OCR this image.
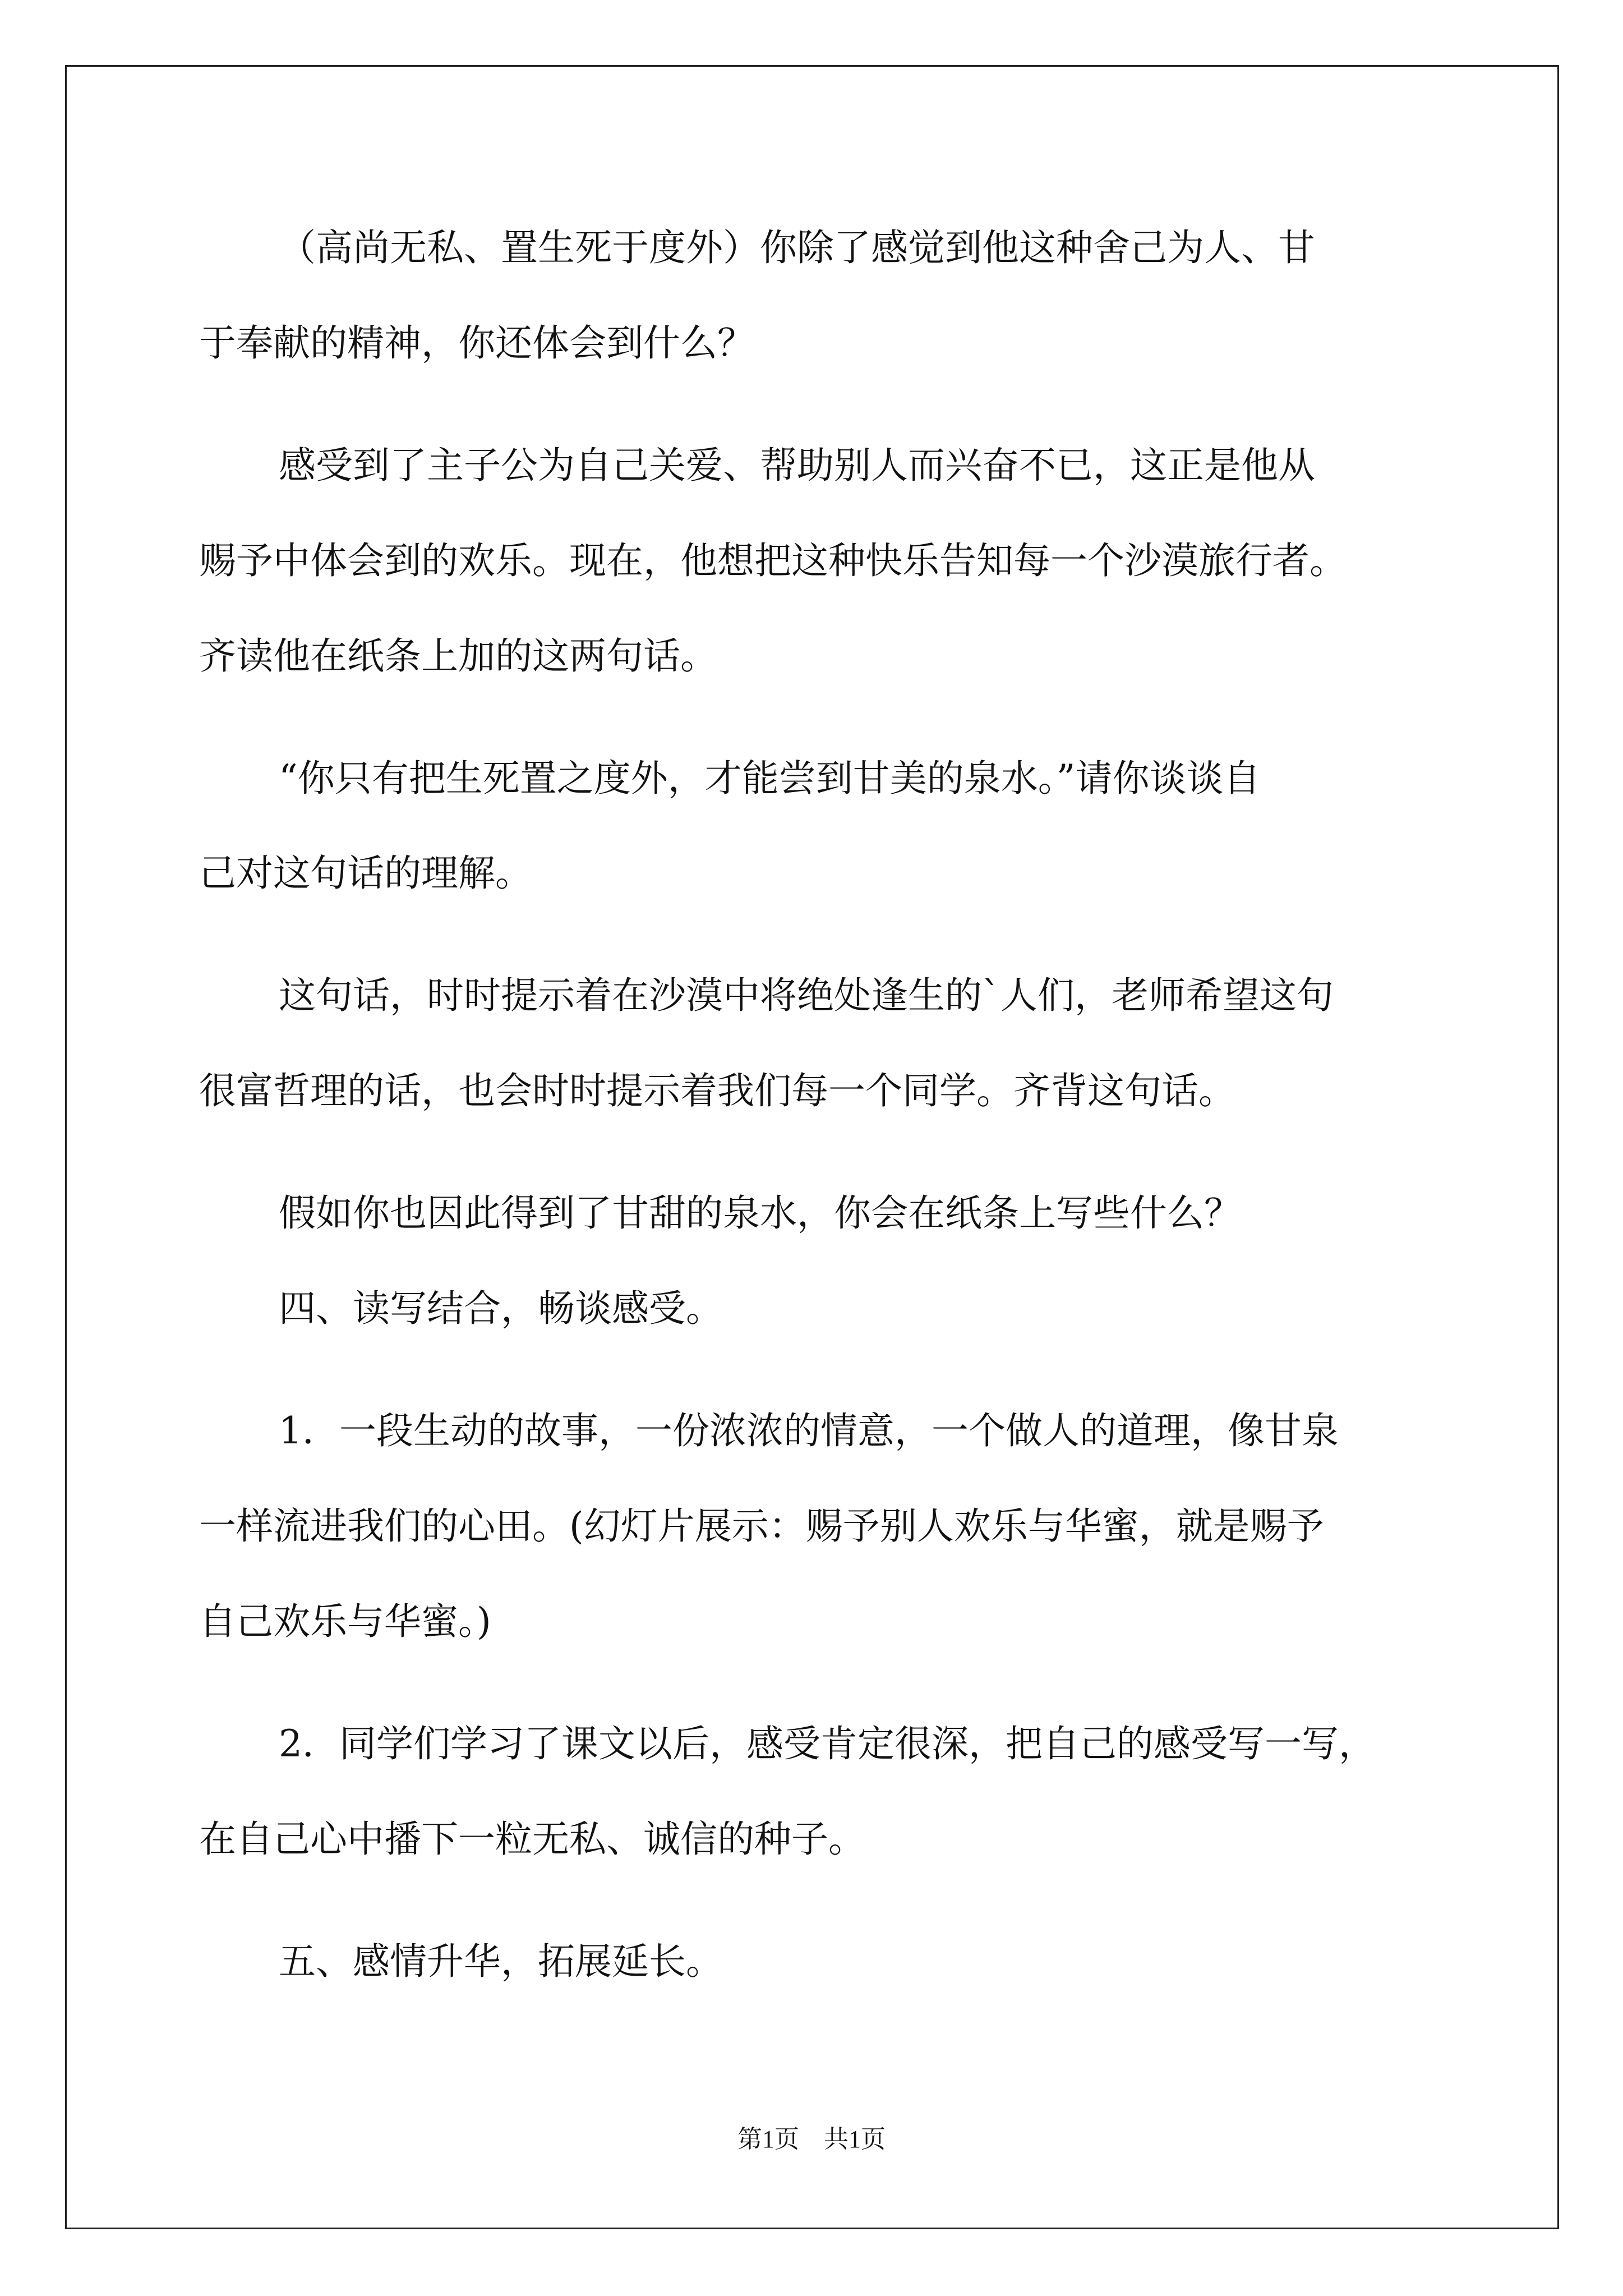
（高尚无私、置生死于度外）你除了感觉到他这种舍己为人、甘

于奉献的精神，你还体会到什么？

感受到了主子公为自己关爱、帮助别人而兴奋不已，这正是他从

赐予中体会到的欢乐。现在，他想把这种快乐告知每一个沙漠旅行者。

齐读他在纸条上加的这两句话。

“你只有把生死置之度外，才能尝到甘美的泉水。”请你谈谈自

己对这句话的理解。

这句话，时时提示着在沙漠中将绝处逢生的`人们，老师希望这句

很富哲理的话，也会时时提示着我们每一个同学。齐背这句话。

假如你也因此得到了甘甜的泉水，你会在纸条上写些什么？

四、读写结合，畅谈感受。

1．一段生动的故事，一份浓浓的情意，一个做人的道理，像甘泉

一样流进我们的心田。(幻灯片展示：赐予别人欢乐与华蜜，就是赐予

自己欢乐与华蜜。)

2．同学们学习了课文以后，感受肯定很深，把自己的感受写一写，

在自己心中播下一粒无私、诚信的种子。

五、感情升华，拓展延长。

第1页　共1页
